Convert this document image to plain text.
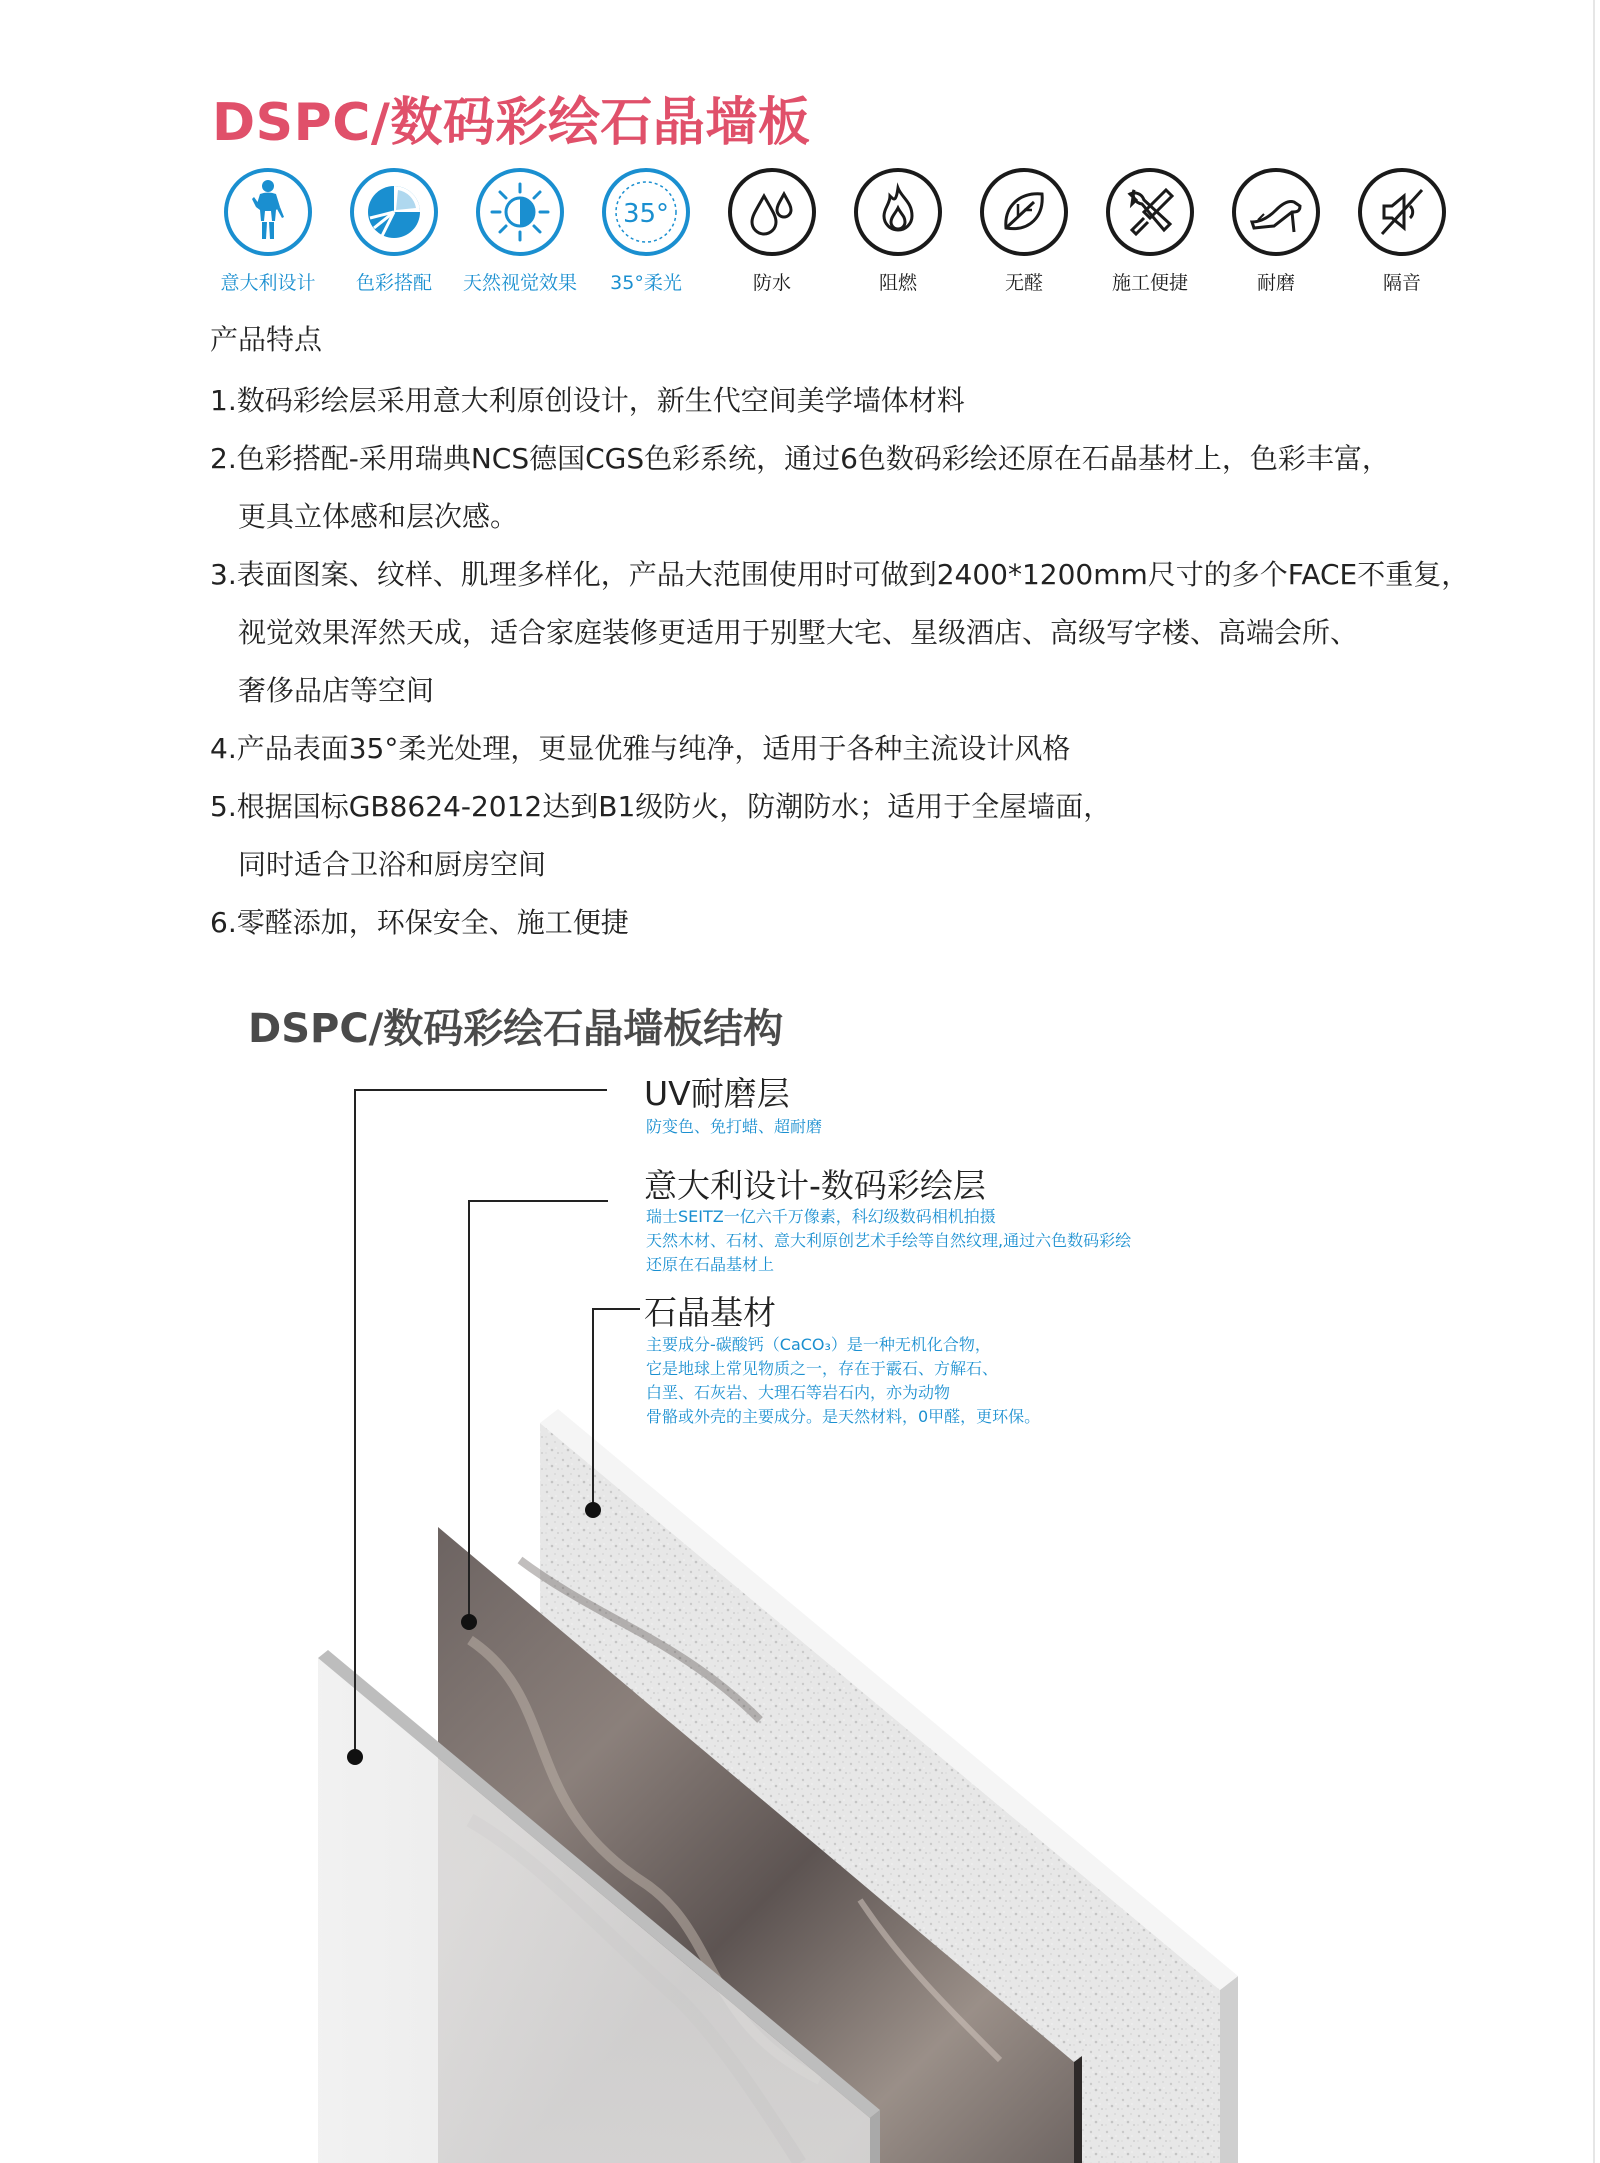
DSPC/数码彩绘石晶墙板
意大利设计	色彩搭配	天然视觉效果
35°
35°柔光	防水	阻燃	无醛	施工便捷	耐磨	隔音
产品特点
1.数码彩绘层采用意大利原创设计，新生代空间美学墙体材料
2.色彩搭配-采用瑞典NCS德国CGS色彩系统，通过6色数码彩绘还原在石晶基材上，色彩丰富，
更具立体感和层次感。
3.表面图案、纹样、肌理多样化，产品大范围使用时可做到2400*1200mm尺寸的多个FACE不重复，
视觉效果浑然天成，适合家庭装修更适用于别墅大宅、星级酒店、高级写字楼、高端会所、
奢侈品店等空间
4.产品表面35°柔光处理，更显优雅与纯净，适用于各种主流设计风格
5.根据国标GB8624-2012达到B1级防火，防潮防水；适用于全屋墙面，
同时适合卫浴和厨房空间
6.零醛添加，环保安全、施工便捷
DSPC/数码彩绘石晶墙板结构
UV耐磨层
防变色、免打蜡、超耐磨
意大利设计-数码彩绘层
瑞士SEITZ一亿六千万像素，科幻级数码相机拍摄
天然木材、石材、意大利原创艺术手绘等自然纹理,通过六色数码彩绘
还原在石晶基材上
石晶基材
主要成分-碳酸钙（CaCO₃）是一种无机化合物，
它是地球上常见物质之一，存在于霰石、方解石、
白垩、石灰岩、大理石等岩石内，亦为动物
骨骼或外壳的主要成分。是天然材料，0甲醛，更环保。
